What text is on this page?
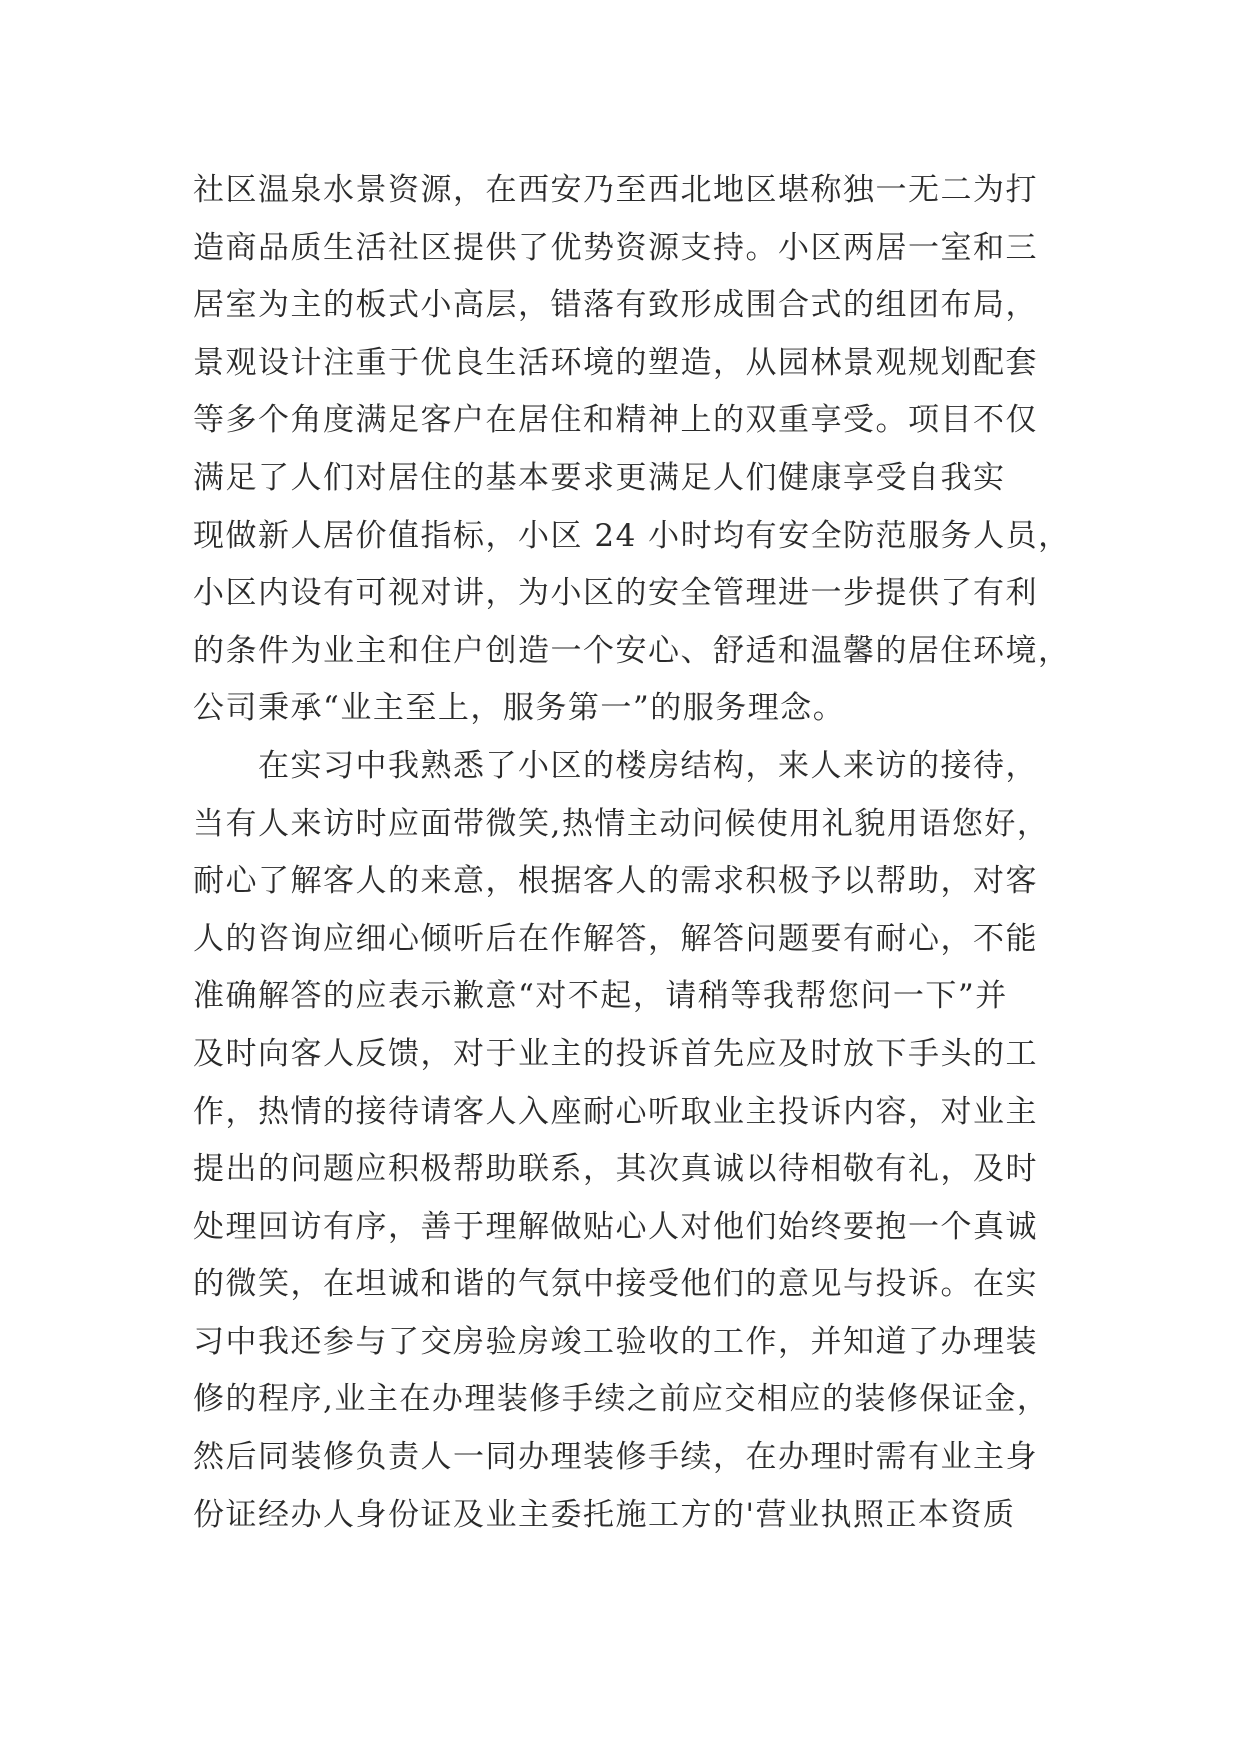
社区温泉水景资源，在西安乃至西北地区堪称独一无二为打
造商品质生活社区提供了优势资源支持。小区两居一室和三
居室为主的板式小高层，错落有致形成围合式的组团布局，
景观设计注重于优良生活环境的塑造，从园林景观规划配套
等多个角度满足客户在居住和精神上的双重享受。项目不仅
满足了人们对居住的基本要求更满足人们健康享受自我实
现做新人居价值指标，小区 24 小时均有安全防范服务人员，
小区内设有可视对讲，为小区的安全管理进一步提供了有利
的条件为业主和住户创造一个安心、舒适和温馨的居住环境，
公司秉承“业主至上，服务第一”的服务理念。
　　在实习中我熟悉了小区的楼房结构，来人来访的接待，
当有人来访时应面带微笑,热情主动问候使用礼貌用语您好，
耐心了解客人的来意，根据客人的需求积极予以帮助，对客
人的咨询应细心倾听后在作解答，解答问题要有耐心，不能
准确解答的应表示歉意“对不起，请稍等我帮您问一下”并
及时向客人反馈，对于业主的投诉首先应及时放下手头的工
作，热情的接待请客人入座耐心听取业主投诉内容，对业主
提出的问题应积极帮助联系，其次真诚以待相敬有礼，及时
处理回访有序，善于理解做贴心人对他们始终要抱一个真诚
的微笑，在坦诚和谐的气氛中接受他们的意见与投诉。在实
习中我还参与了交房验房竣工验收的工作，并知道了办理装
修的程序,业主在办理装修手续之前应交相应的装修保证金，
然后同装修负责人一同办理装修手续，在办理时需有业主身
份证经办人身份证及业主委托施工方的'营业执照正本资质
